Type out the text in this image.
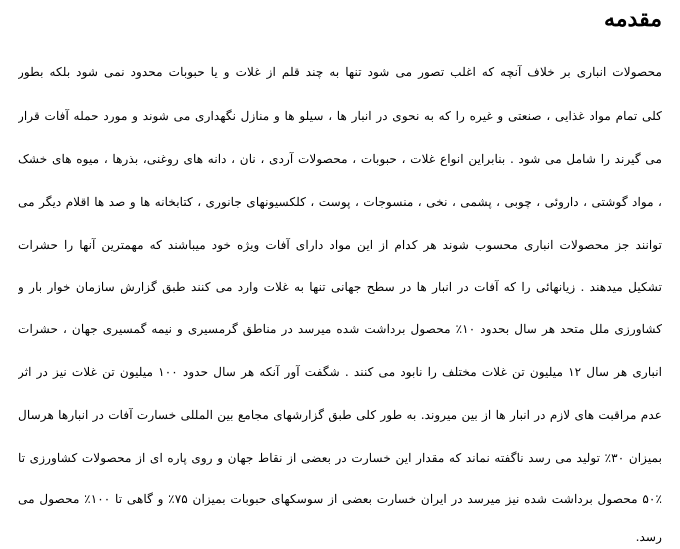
مقدمه
محصولات انباری بر خلاف آنچه که اغلب تصور می شود تنها به چند قلم از غلات و یا حبوبات محدود نمی شود بلکه بطور
کلی تمام مواد غذایی ، صنعتی و غیره را که به نحوی در انبار ها ، سیلو ها و منازل نگهداری می شوند و مورد حمله آفات قرار
می گیرند را شامل می شود . بنابراین انواع غلات ، حبوبات ، محصولات آردی ، نان ، دانه های روغنی، بذرها ، میوه های خشک
، مواد گوشتی ، داروئی ، چوبی ، پشمی ، نخی ، منسوجات ، پوست ، کلکسیونهای جانوری ، کتابخانه ها و صد ها اقلام دیگر می
توانند جز محصولات انباری محسوب شوند هر کدام از این مواد دارای آفات ویژه خود میباشند که مهمترین آنها را حشرات
تشکیل میدهند . زیانهائی را که آفات در انبار ها در سطح جهانی تنها به غلات وارد می کنند طبق گزارش سازمان خوار بار و
کشاورزی ملل متحد هر سال بحدود ۱۰٪ محصول برداشت شده میرسد در مناطق گرمسیری و نیمه گمسیری جهان ، حشرات
انباری هر سال ۱۲ میلیون تن غلات مختلف را نابود می کنند . شگفت آور آنکه هر سال حدود ۱۰۰ میلیون تن غلات نیز در اثر
عدم مراقبت های لازم در انبار ها از بین میروند. به طور کلی طبق گزارشهای مجامع بین المللی خسارت آفات در انبارها هرسال
بمیزان ۳۰٪ تولید می رسد ناگفته نماند که مقدار این خسارت در بعضی از نقاط جهان و روی پاره ای از محصولات کشاورزی تا
۵۰٪ محصول برداشت شده نیز میرسد در ایران خسارت بعضی از سوسکهای حبوبات بمیزان ۷۵٪ و گاهی تا ۱۰۰٪ محصول می
رسد.
